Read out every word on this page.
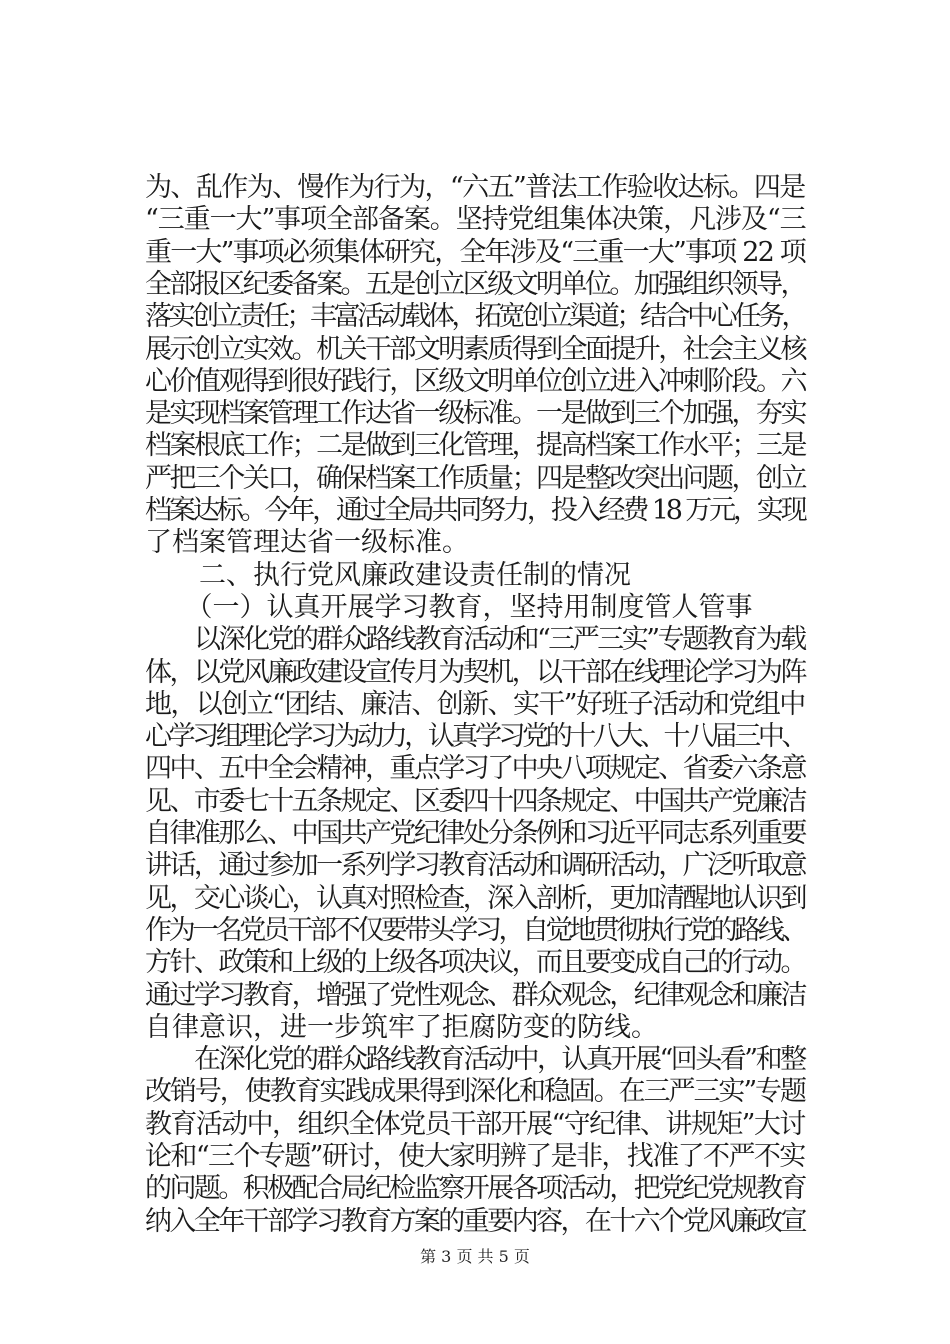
为、乱作为、慢作为行为，“六五”普法工作验收达标。四是
“三重一大”事项全部备案。坚持党组集体决策，凡涉及“三
重一大”事项必须集体研究，全年涉及“三重一大”事项 22 项
全部报区纪委备案。五是创立区级文明单位。加强组织领导，
落实创立责任；丰富活动载体，拓宽创立渠道；结合中心任务，
展示创立实效。机关干部文明素质得到全面提升，社会主义核
心价值观得到很好践行，区级文明单位创立进入冲刺阶段。六
是实现档案管理工作达省一级标准。一是做到三个加强，夯实
档案根底工作；二是做到三化管理，提高档案工作水平；三是
严把三个关口，确保档案工作质量；四是整改突出问题，创立
档案达标。今年，通过全局共同努力，投入经费 18 万元，实现
了档案管理达省一级标准。
　　二、执行党风廉政建设责任制的情况
　　（一）认真开展学习教育，坚持用制度管人管事
　　以深化党的群众路线教育活动和“三严三实”专题教育为载
体，以党风廉政建设宣传月为契机，以干部在线理论学习为阵
地，以创立“团结、廉洁、创新、实干”好班子活动和党组中
心学习组理论学习为动力，认真学习党的十八大、十八届三中、
四中、五中全会精神，重点学习了中央八项规定、省委六条意
见、市委七十五条规定、区委四十四条规定、中国共产党廉洁
自律准那么、中国共产党纪律处分条例和习近平同志系列重要
讲话，通过参加一系列学习教育活动和调研活动，广泛听取意
见，交心谈心，认真对照检查，深入剖析，更加清醒地认识到
作为一名党员干部不仅要带头学习，自觉地贯彻执行党的路线、
方针、政策和上级的上级各项决议，而且要变成自己的行动。
通过学习教育，增强了党性观念、群众观念，纪律观念和廉洁
自律意识，进一步筑牢了拒腐防变的防线。
　　在深化党的群众路线教育活动中，认真开展“回头看”和整
改销号，使教育实践成果得到深化和稳固。在三严三实”专题
教育活动中，组织全体党员干部开展“守纪律、讲规矩”大讨
论和“三个专题”研讨，使大家明辨了是非，找准了不严不实
的问题。积极配合局纪检监察开展各项活动，把党纪党规教育
纳入全年干部学习教育方案的重要内容，在十六个党风廉政宣
第 3 页 共 5 页
